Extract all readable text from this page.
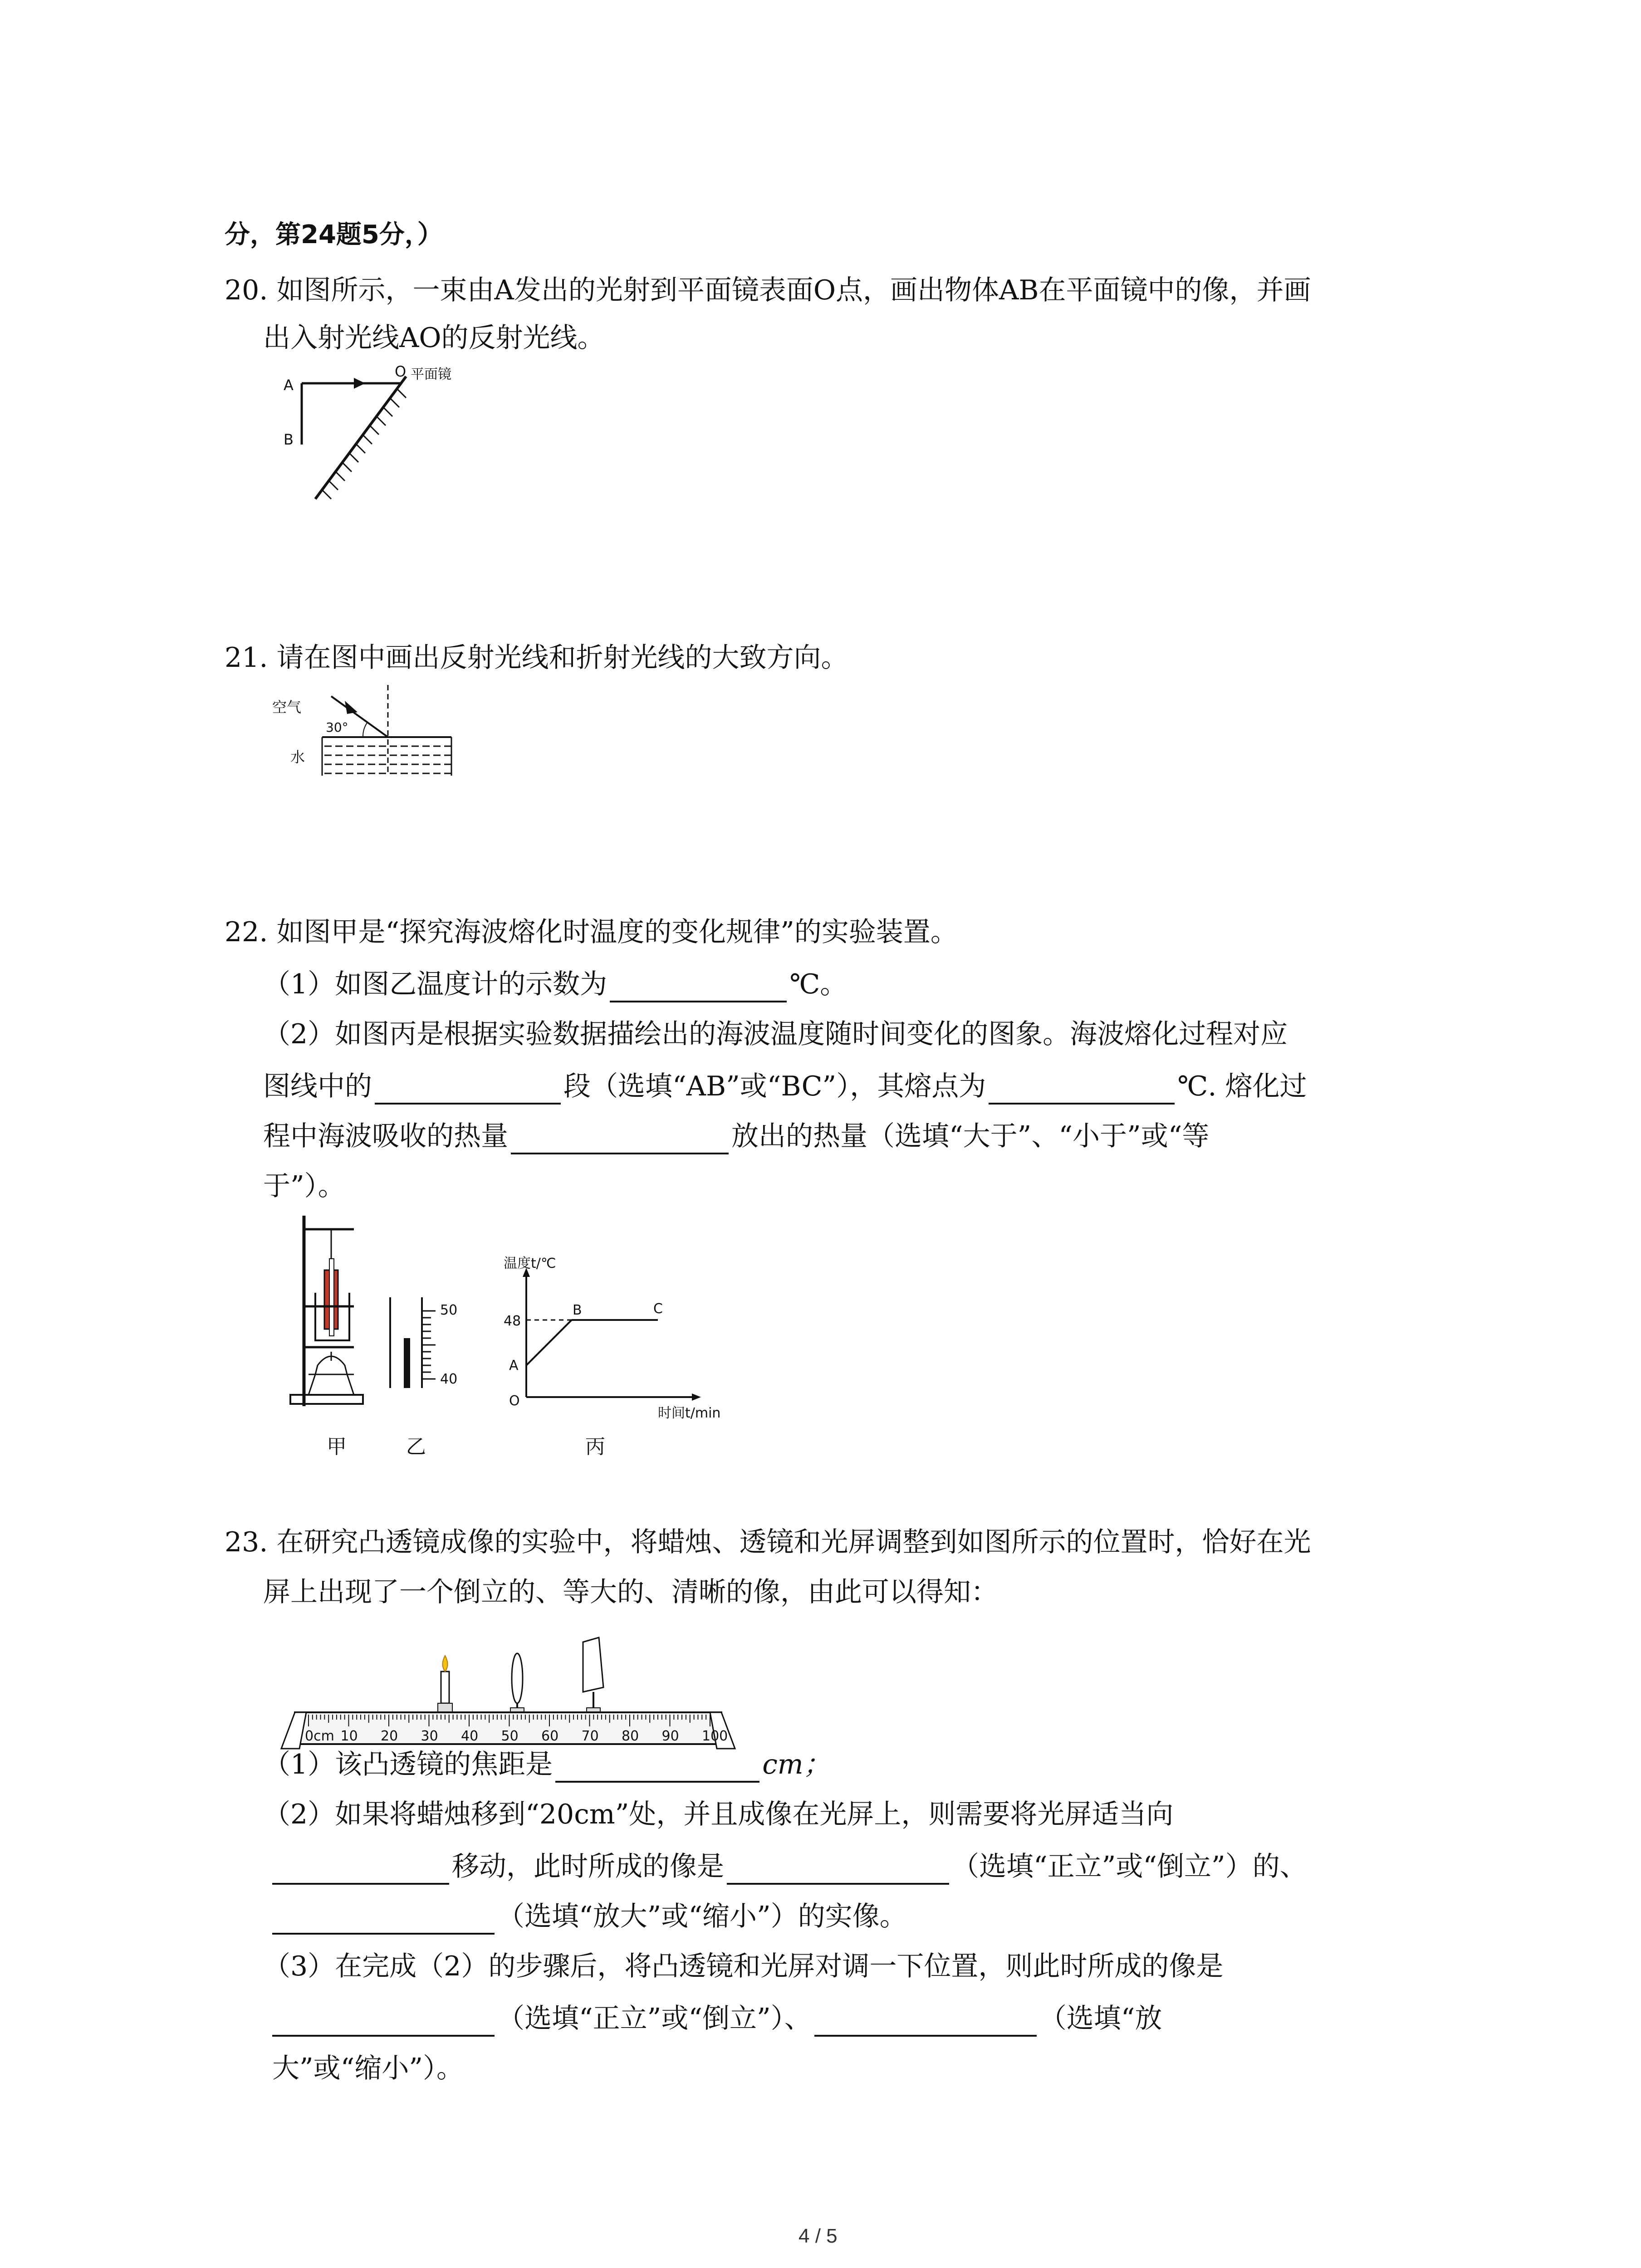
分，第24题5分，）
20. 如图所示，一束由A发出的光射到平面镜表面O点，画出物体AB在平面镜中的像，并画
出入射光线AO的反射光线。
A
B
O 平面镜
21. 请在图中画出反射光线和折射光线的大致方向。
空气
水
30°
22. 如图甲是“探究海波熔化时温度的变化规律”的实验装置。
（1）如图乙温度计的示数为	℃。
（2）如图丙是根据实验数据描绘出的海波温度随时间变化的图象。海波熔化过程对应
图线中的	段（选填“AB”或“BC”），其熔点为	℃. 熔化过
程中海波吸收的热量	放出的热量（选填“大于”、“小于”或“等
于”）。
50
40
温度t/℃
时间t/min
48
A
B	C
O
甲	乙	丙
23. 在研究凸透镜成像的实验中，将蜡烛、透镜和光屏调整到如图所示的位置时，恰好在光
屏上出现了一个倒立的、等大的、清晰的像，由此可以得知：
0cm 10 20 30 40 50 60 70 80 90 100
（1）该凸透镜的焦距是	cm；
（2）如果将蜡烛移到“20cm”处，并且成像在光屏上，则需要将光屏适当向
移动，此时所成的像是	（选填“正立”或“倒立”）的、
（选填“放大”或“缩小”）的实像。
（3）在完成（2）的步骤后，将凸透镜和光屏对调一下位置，则此时所成的像是
（选填“正立”或“倒立”）、	（选填“放
大”或“缩小”）。
4 / 5
